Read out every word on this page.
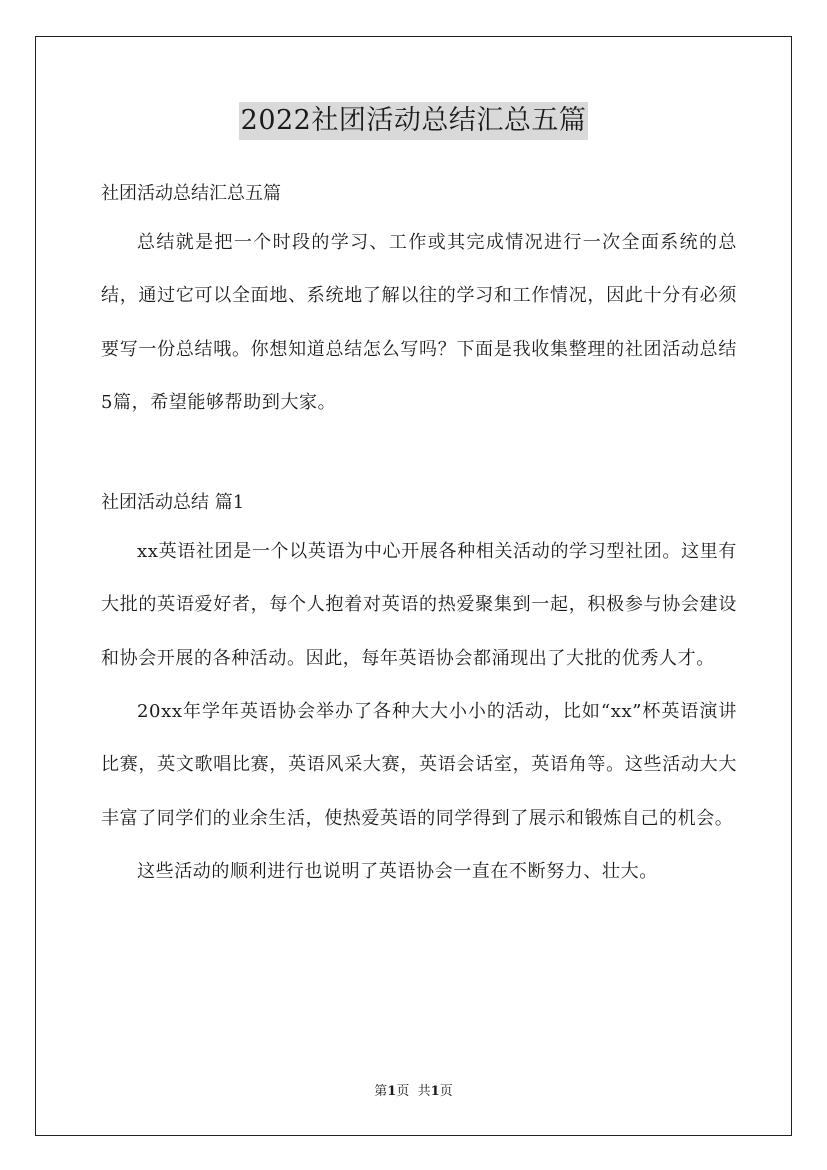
2022社团活动总结汇总五篇

社团活动总结汇总五篇

总结就是把一个时段的学习、工作或其完成情况进行一次全面系统的总结，通过它可以全面地、系统地了解以往的学习和工作情况，因此十分有必须要写一份总结哦。你想知道总结怎么写吗？下面是我收集整理的社团活动总结5篇，希望能够帮助到大家。

社团活动总结 篇1

xx英语社团是一个以英语为中心开展各种相关活动的学习型社团。这里有大批的英语爱好者，每个人抱着对英语的热爱聚集到一起，积极参与协会建设和协会开展的各种活动。因此，每年英语协会都涌现出了大批的优秀人才。

20xx年学年英语协会举办了各种大大小小的活动，比如“xx”杯英语演讲比赛，英文歌唱比赛，英语风采大赛，英语会话室，英语角等。这些活动大大丰富了同学们的业余生活，使热爱英语的同学得到了展示和锻炼自己的机会。

这些活动的顺利进行也说明了英语协会一直在不断努力、壮大。

第1页 共1页
